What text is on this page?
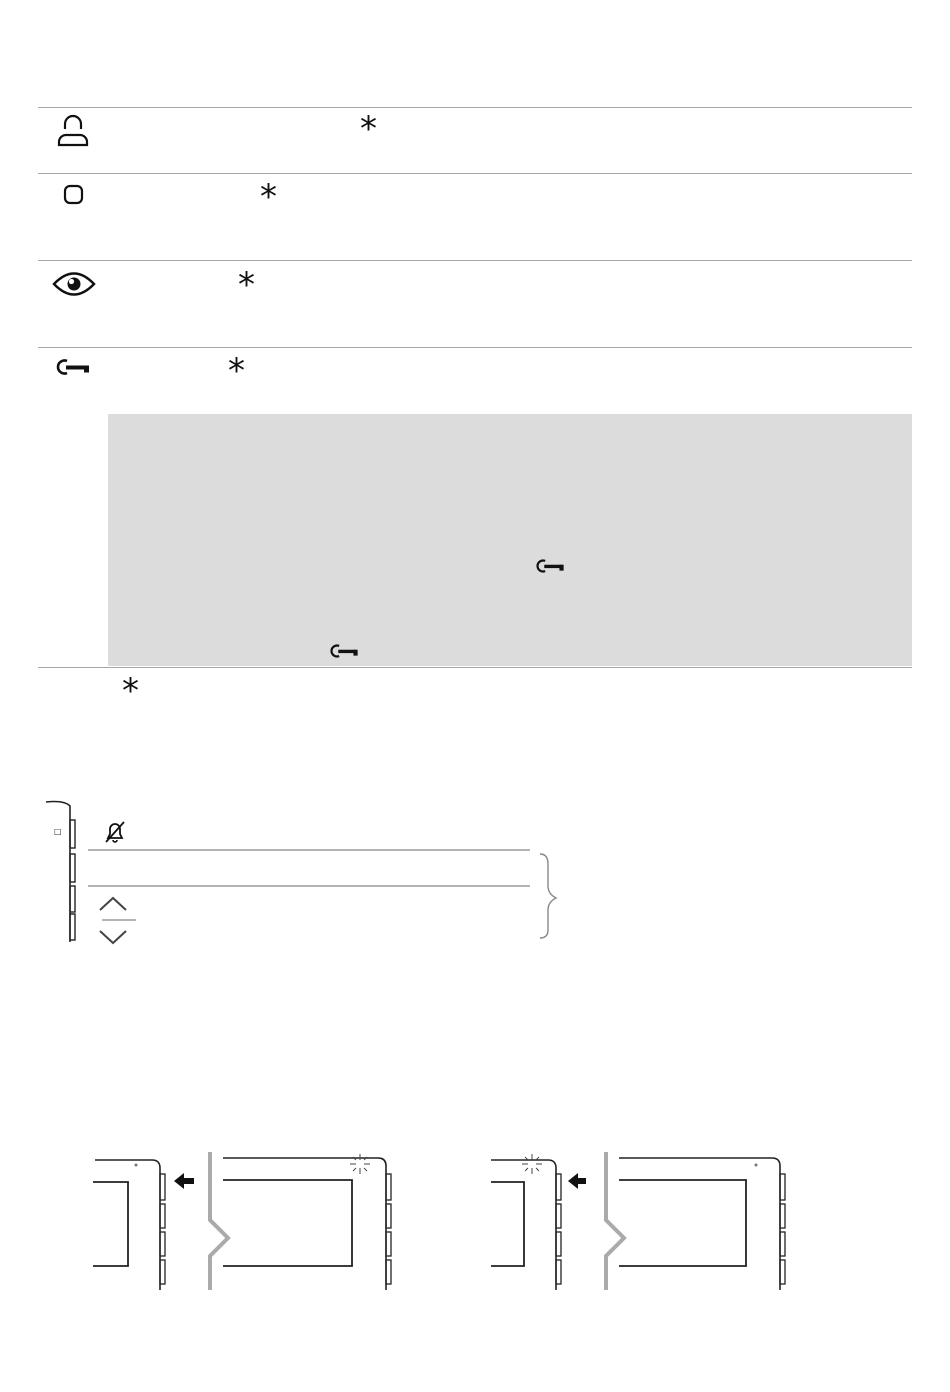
*
*
*
*
*
□
